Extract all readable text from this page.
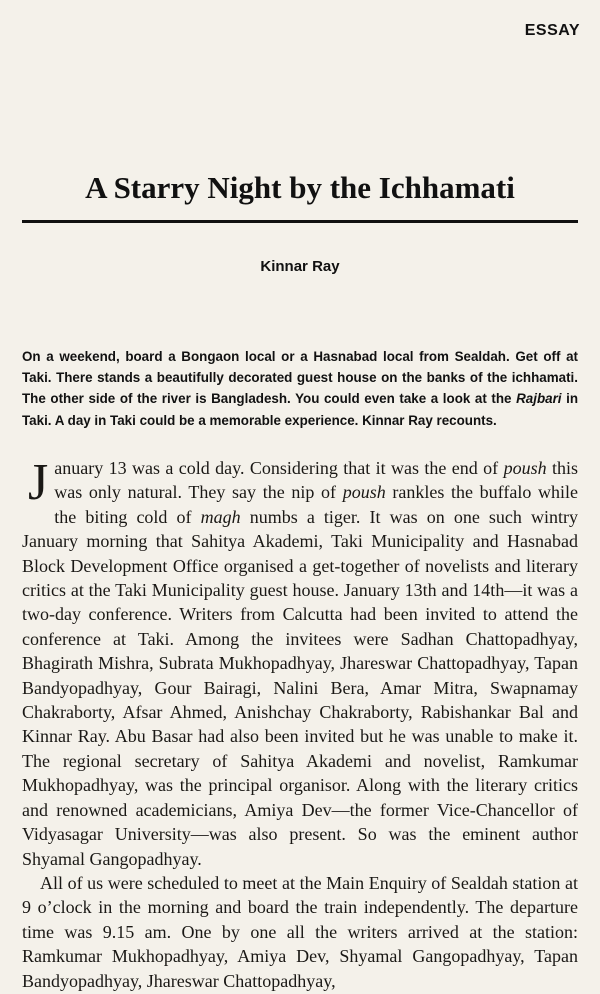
ESSAY
A Starry Night by the Ichhamati
Kinnar Ray

On a weekend, board a Bongaon local or a Hasnabad local from Sealdah. Get off at Taki. There stands a beautifully decorated guest house on the banks of the ichhamati. The other side of the river is Bangladesh. You could even take a look at the Rajbari in Taki. A day in Taki could be a memorable experience. Kinnar Ray recounts.

January 13 was a cold day. Considering that it was the end of poush this was only natural. They say the nip of poush rankles the buffalo while the biting cold of magh numbs a tiger. It was on one such wintry January morning that Sahitya Akademi, Taki Municipality and Hasnabad Block Development Office organised a get-together of novelists and literary critics at the Taki Municipality guest house. January 13th and 14th—it was a two-day conference. Writers from Calcutta had been invited to attend the conference at Taki. Among the invitees were Sadhan Chattopadhyay, Bhagirath Mishra, Subrata Mukhopadhyay, Jhareswar Chattopadhyay, Tapan Bandyopadhyay, Gour Bairagi, Nalini Bera, Amar Mitra, Swapnamay Chakraborty, Afsar Ahmed, Anishchay Chakraborty, Rabishankar Bal and Kinnar Ray. Abu Basar had also been invited but he was unable to make it. The regional secretary of Sahitya Akademi and novelist, Ramkumar Mukhopadhyay, was the principal organisor. Along with the literary critics and renowned academicians, Amiya Dev—the former Vice-Chancellor of Vidyasagar University—was also present. So was the eminent author Shyamal Gangopadhyay.

All of us were scheduled to meet at the Main Enquiry of Sealdah station at 9 o’clock in the morning and board the train independently. The departure time was 9.15 am. One by one all the writers arrived at the station: Ramkumar Mukhopadhyay, Amiya Dev, Shyamal Gangopadhyay, Tapan Bandyopadhyay, Jhareswar Chattopadhyay,
